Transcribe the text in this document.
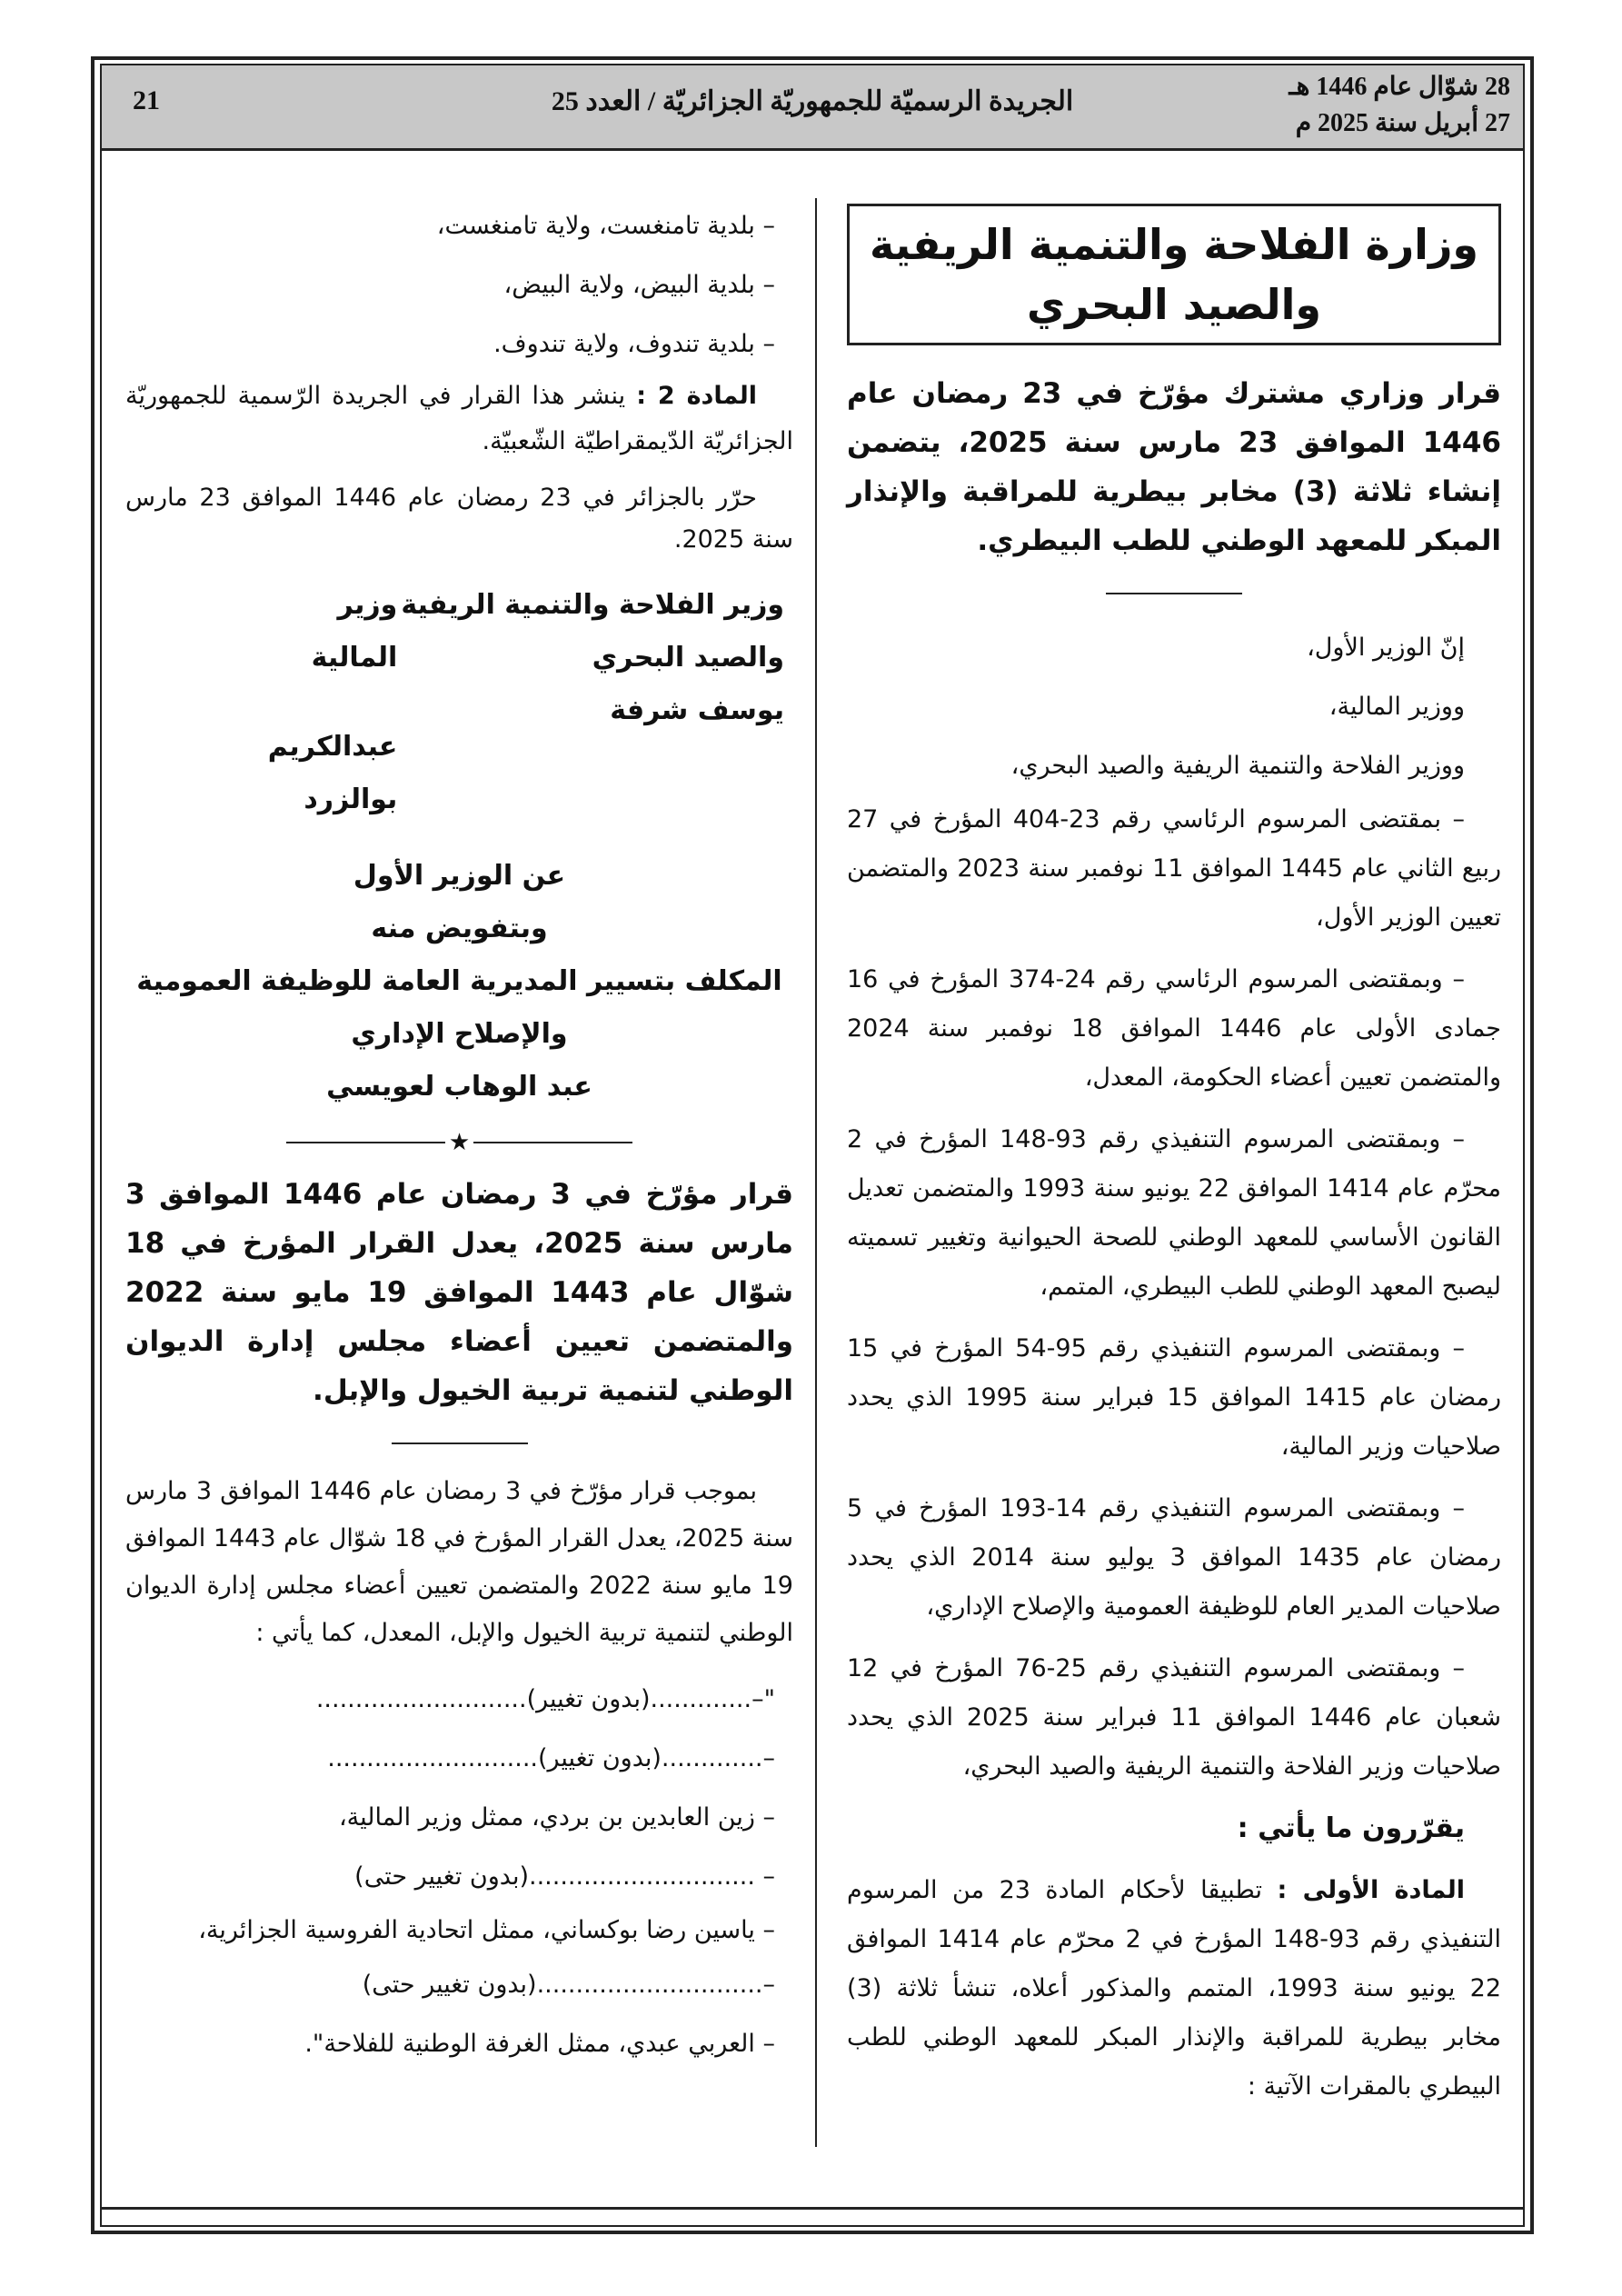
28 شوّال عام 1446 هـ
27 أبريل سنة 2025 م
الجريدة الرسميّة للجمهوريّة الجزائريّة / العدد 25
21
وزارة الفلاحة والتنمية الريفية والصيد البحري
قرار وزاري مشترك مؤرّخ في 23 رمضان عام 1446 الموافق 23 مارس سنة 2025، يتضمن إنشاء ثلاثة (3) مخابر بيطرية للمراقبة والإنذار المبكر للمعهد الوطني للطب البيطري.

إنّ الوزير الأول،

ووزير المالية،

ووزير الفلاحة والتنمية الريفية والصيد البحري،

– بمقتضى المرسوم الرئاسي رقم 23-404 المؤرخ في 27 ربيع الثاني عام 1445 الموافق 11 نوفمبر سنة 2023 والمتضمن تعيين الوزير الأول،

– وبمقتضى المرسوم الرئاسي رقم 24-374 المؤرخ في 16 جمادى الأولى عام 1446 الموافق 18 نوفمبر سنة 2024 والمتضمن تعيين أعضاء الحكومة، المعدل،

– وبمقتضى المرسوم التنفيذي رقم 93-148 المؤرخ في 2 محرّم عام 1414 الموافق 22 يونيو سنة 1993 والمتضمن تعديل القانون الأساسي للمعهد الوطني للصحة الحيوانية وتغيير تسميته ليصبح المعهد الوطني للطب البيطري، المتمم،

– وبمقتضى المرسوم التنفيذي رقم 95-54 المؤرخ في 15 رمضان عام 1415 الموافق 15 فبراير سنة 1995 الذي يحدد صلاحيات وزير المالية،

– وبمقتضى المرسوم التنفيذي رقم 14-193 المؤرخ في 5 رمضان عام 1435 الموافق 3 يوليو سنة 2014 الذي يحدد صلاحيات المدير العام للوظيفة العمومية والإصلاح الإداري،

– وبمقتضى المرسوم التنفيذي رقم 25-76 المؤرخ في 12 شعبان عام 1446 الموافق 11 فبراير سنة 2025 الذي يحدد صلاحيات وزير الفلاحة والتنمية الريفية والصيد البحري،

يقرّرون ما يأتي :

المادة الأولى : تطبيقا لأحكام المادة 23 من المرسوم التنفيذي رقم 93-148 المؤرخ في 2 محرّم عام 1414 الموافق 22 يونيو سنة 1993، المتمم والمذكور أعلاه، تنشأ ثلاثة (3) مخابر بيطرية للمراقبة والإنذار المبكر للمعهد الوطني للطب البيطري بالمقرات الآتية :

– بلدية تامنغست، ولاية تامنغست،

– بلدية البيض، ولاية البيض،

– بلدية تندوف، ولاية تندوف.

المادة 2 : ينشر هذا القرار في الجريدة الرّسمية للجمهوريّة الجزائريّة الدّيمقراطيّة الشّعبيّة.

حرّر بالجزائر في 23 رمضان عام 1446 الموافق 23 مارس سنة 2025.

وزير الفلاحة والتنمية الريفية والصيد البحري
يوسف شرفة
وزير المالية
عبدالكريم بوالزرد
عن الوزير الأول
وبتفويض منه
المكلف بتسيير المديرية العامة للوظيفة العمومية
والإصلاح الإداري
عبد الوهاب لعويسي
★
قرار مؤرّخ في 3 رمضان عام 1446 الموافق 3 مارس سنة 2025، يعدل القرار المؤرخ في 18 شوّال عام 1443 الموافق 19 مايو سنة 2022 والمتضمن تعيين أعضاء مجلس إدارة الديوان الوطني لتنمية تربية الخيول والإبل.

بموجب قرار مؤرّخ في 3 رمضان عام 1446 الموافق 3 مارس سنة 2025، يعدل القرار المؤرخ في 18 شوّال عام 1443 الموافق 19 مايو سنة 2022 والمتضمن تعيين أعضاء مجلس إدارة الديوان الوطني لتنمية تربية الخيول والإبل، المعدل، كما يأتي :

"–.............(بدون تغيير)...........................

–.............(بدون تغيير)...........................

– زين العابدين بن بردي، ممثل وزير المالية،

– .............................(بدون تغيير حتى)

– ياسين رضا بوكساني، ممثل اتحادية الفروسية الجزائرية،

–.............................(بدون تغيير حتى)

– العربي عبدي، ممثل الغرفة الوطنية للفلاحة".
